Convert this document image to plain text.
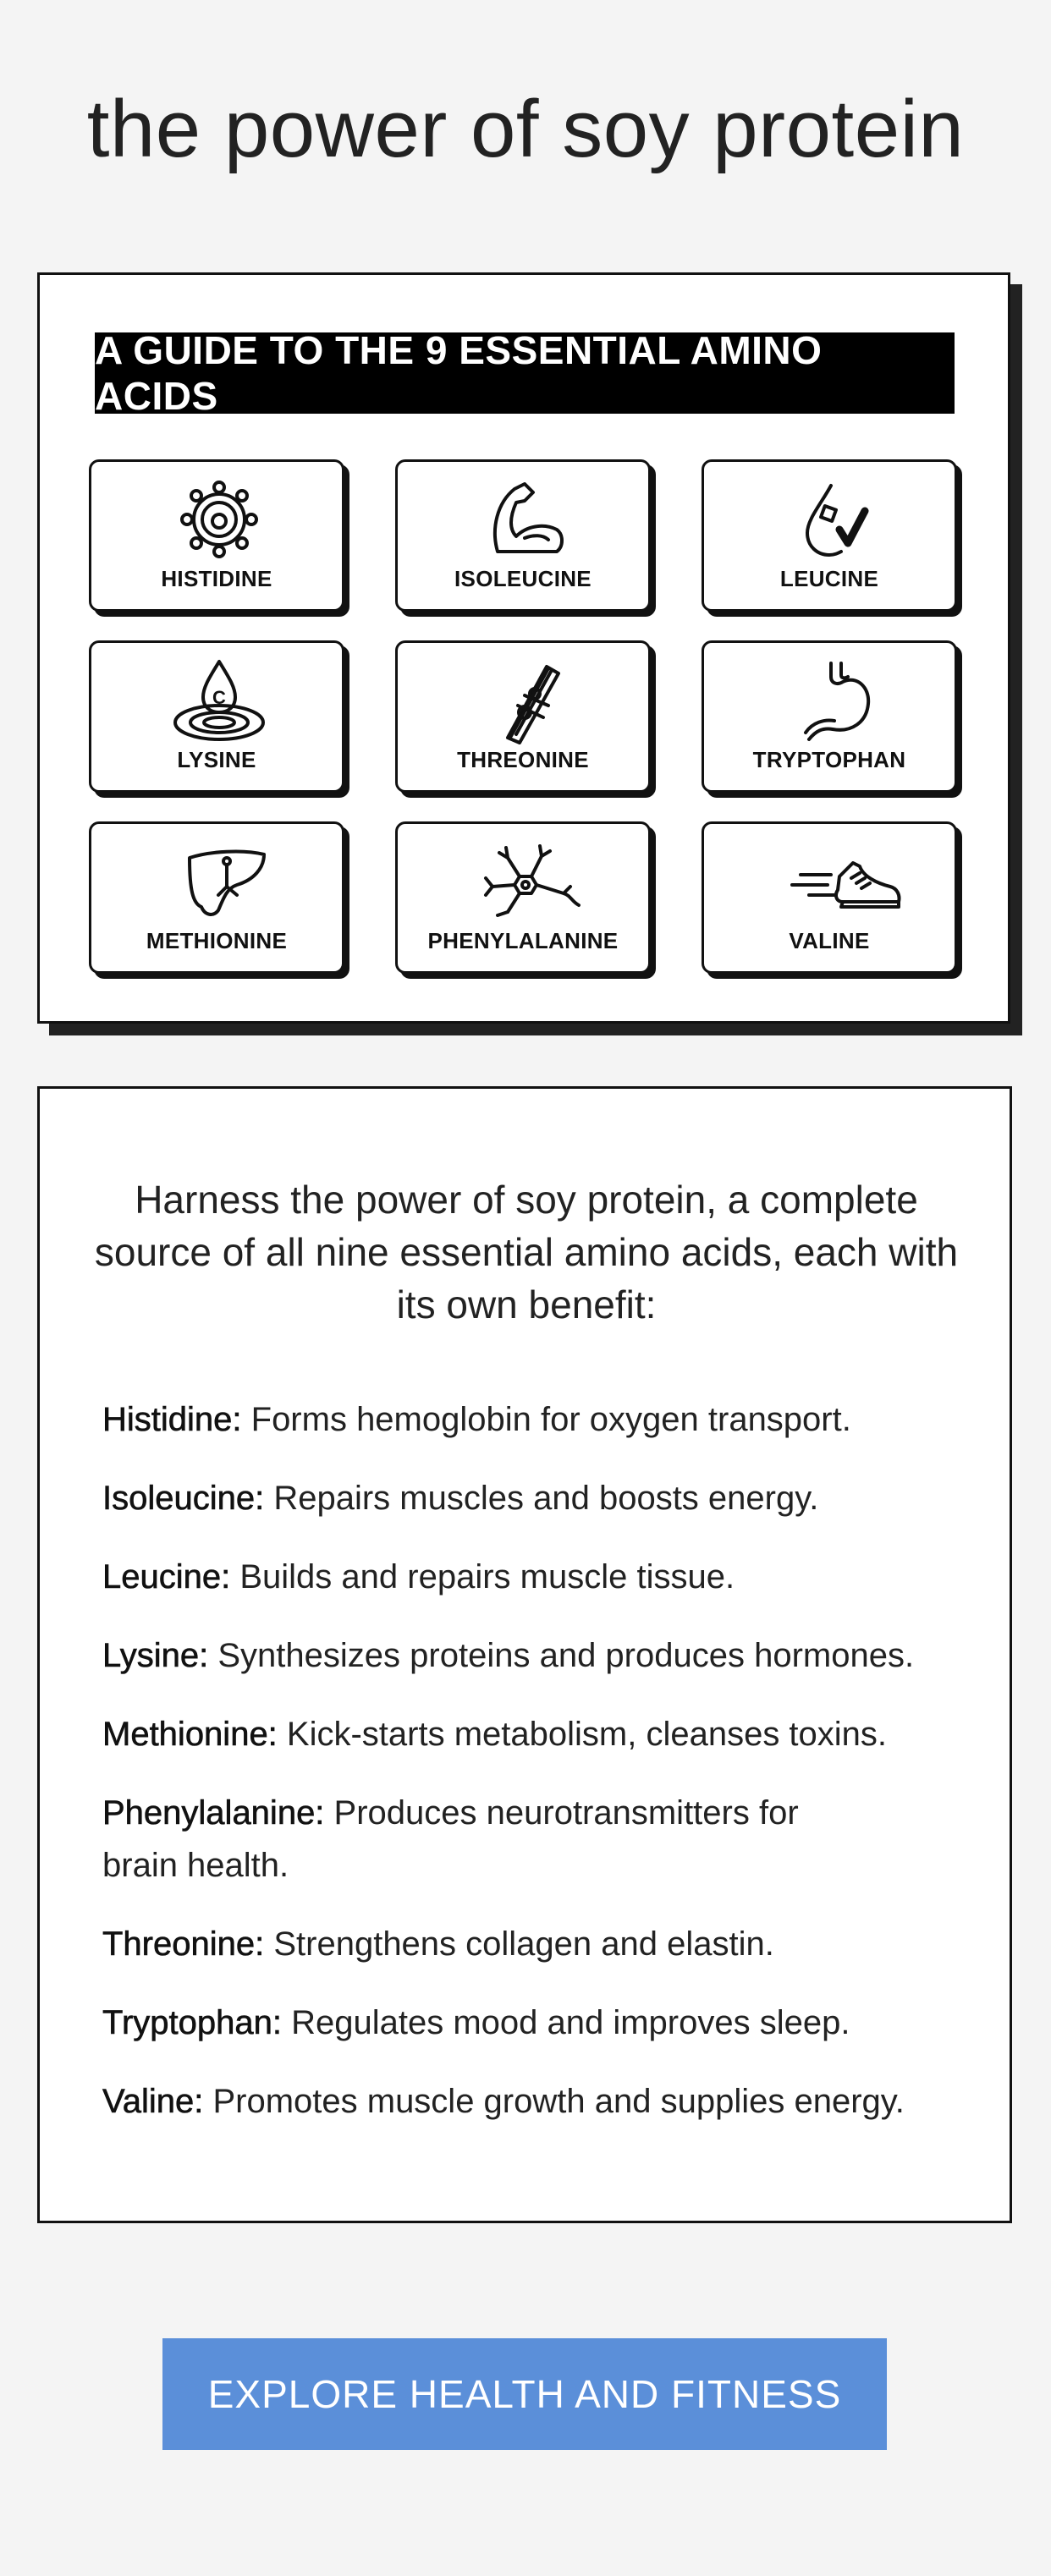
the power of soy protein
A GUIDE TO THE 9 ESSENTIAL AMINO ACIDS
HISTIDINE	ISOLEUCINE	LEUCINE
C
LYSINE	THREONINE	TRYPTOPHAN
METHIONINE	PHENYLALANINE	VALINE

Harness the power of soy protein, a complete source of all nine essential amino acids, each with its own benefit:

Histidine: Forms hemoglobin for oxygen transport.
Isoleucine: Repairs muscles and boosts energy.
Leucine: Builds and repairs muscle tissue.
Lysine: Synthesizes proteins and produces hormones.
Methionine: Kick-starts metabolism, cleanses toxins.
Phenylalanine: Produces neurotransmitters for brain health.
Threonine: Strengthens collagen and elastin.
Tryptophan: Regulates mood and improves sleep.
Valine: Promotes muscle growth and supplies energy.
EXPLORE HEALTH AND FITNESS
